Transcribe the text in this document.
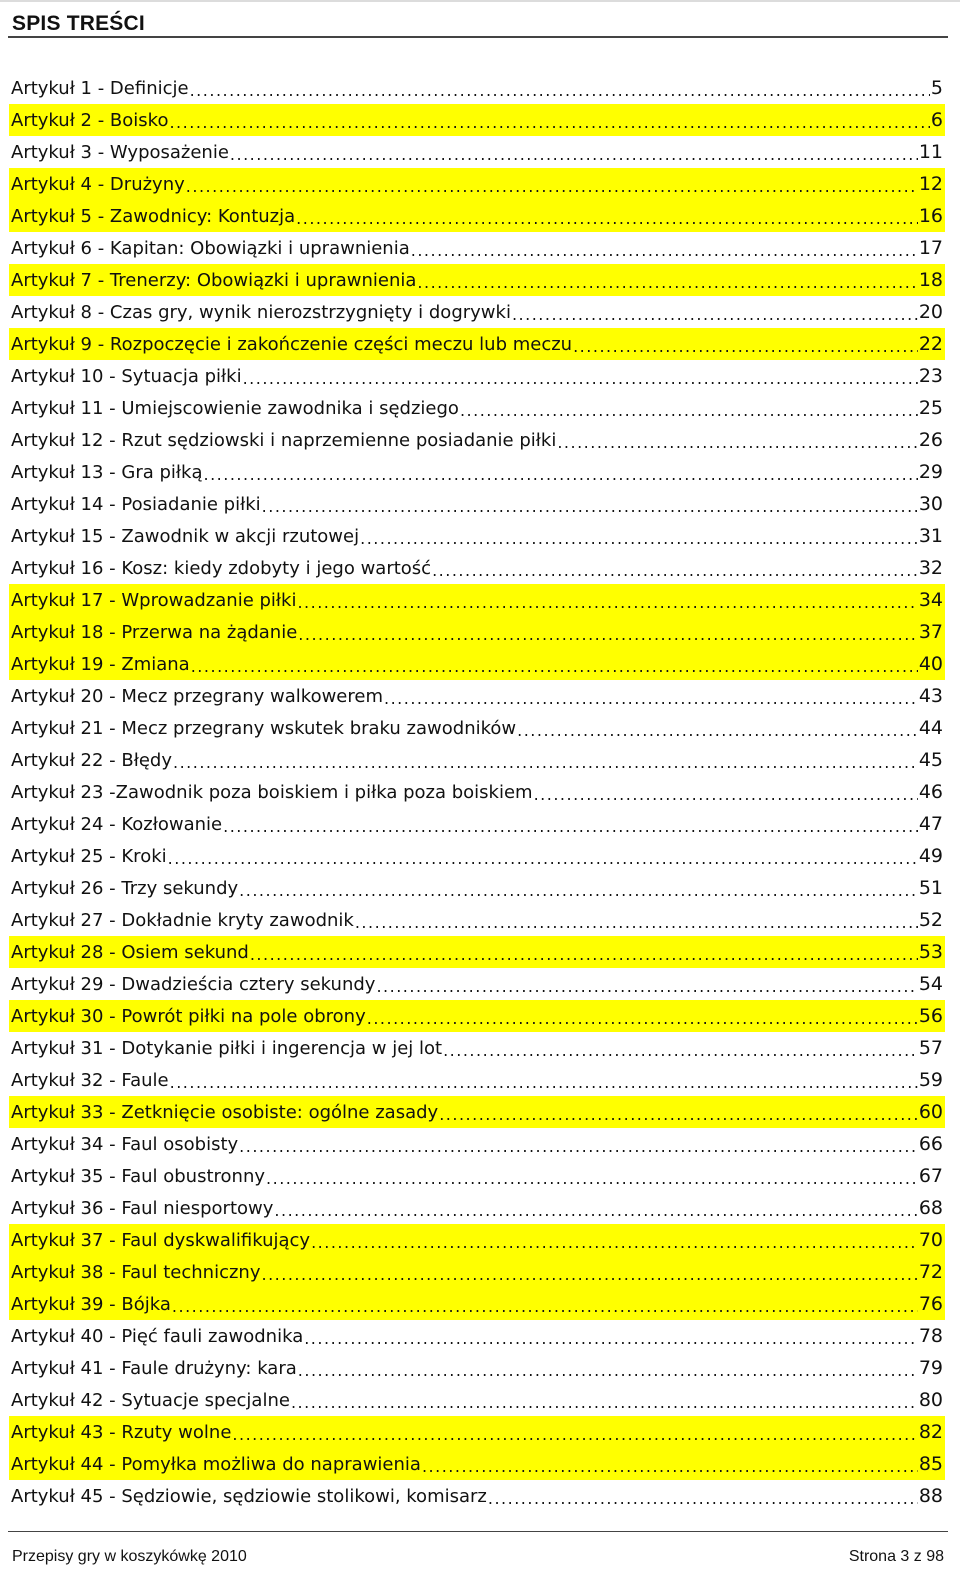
SPIS TREŚCI
Artykuł 1 - Definicje .....	5
Artykuł 2 - Boisko .....	6
Artykuł 3 - Wyposażenie .....	11
Artykuł 4 - Drużyny .....	12
Artykuł 5 - Zawodnicy: Kontuzja .....	16
Artykuł 6 - Kapitan: Obowiązki i uprawnienia .....	17
Artykuł 7 - Trenerzy: Obowiązki i uprawnienia .....	18
Artykuł 8 - Czas gry, wynik nierozstrzygnięty i dogrywki .....	20
Artykuł 9 - Rozpoczęcie i zakończenie części meczu lub meczu .....	22
Artykuł 10 - Sytuacja piłki .....	23
Artykuł 11 - Umiejscowienie zawodnika i sędziego .....	25
Artykuł 12 - Rzut sędziowski i naprzemienne posiadanie piłki .....	26
Artykuł 13 - Gra piłką .....	29
Artykuł 14 - Posiadanie piłki .....	30
Artykuł 15 - Zawodnik w akcji rzutowej .....	31
Artykuł 16 - Kosz: kiedy zdobyty i jego wartość .....	32
Artykuł 17 - Wprowadzanie piłki .....	34
Artykuł 18 - Przerwa na żądanie .....	37
Artykuł 19 - Zmiana .....	40
Artykuł 20 - Mecz przegrany walkowerem .....	43
Artykuł 21 - Mecz przegrany wskutek braku zawodników .....	44
Artykuł 22 - Błędy .....	45
Artykuł 23 -Zawodnik poza boiskiem i piłka poza boiskiem .....	46
Artykuł 24 - Kozłowanie .....	47
Artykuł 25 - Kroki .....	49
Artykuł 26 - Trzy sekundy .....	51
Artykuł 27 - Dokładnie kryty zawodnik .....	52
Artykuł 28 - Osiem sekund .....	53
Artykuł 29 - Dwadzieścia cztery sekundy .....	54
Artykuł 30 - Powrót piłki na pole obrony .....	56
Artykuł 31 - Dotykanie piłki i ingerencja w jej lot .....	57
Artykuł 32 - Faule .....	59
Artykuł 33 - Zetknięcie osobiste: ogólne zasady .....	60
Artykuł 34 - Faul osobisty .....	66
Artykuł 35 - Faul obustronny .....	67
Artykuł 36 - Faul niesportowy .....	68
Artykuł 37 - Faul dyskwalifikujący .....	70
Artykuł 38 - Faul techniczny .....	72
Artykuł 39 - Bójka .....	76
Artykuł 40 - Pięć fauli zawodnika .....	78
Artykuł 41 - Faule drużyny: kara .....	79
Artykuł 42 - Sytuacje specjalne .....	80
Artykuł 43 - Rzuty wolne .....	82
Artykuł 44 - Pomyłka możliwa do naprawienia .....	85
Artykuł 45 - Sędziowie, sędziowie stolikowi, komisarz .....	88
Przepisy gry w koszykówkę 2010	Strona 3 z 98
